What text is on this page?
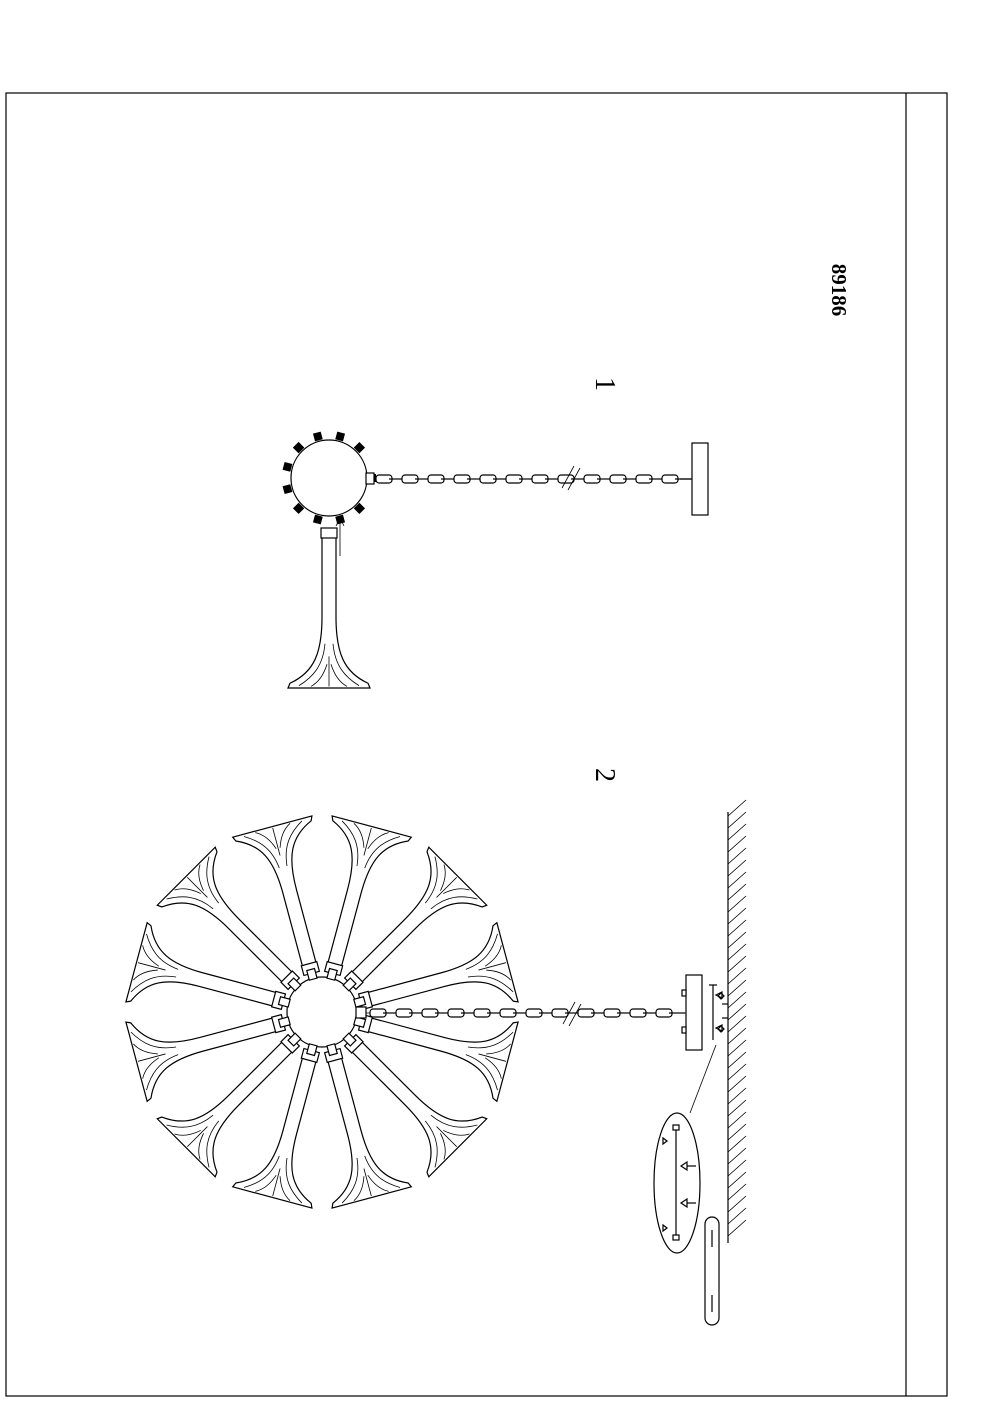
89186
1
2
